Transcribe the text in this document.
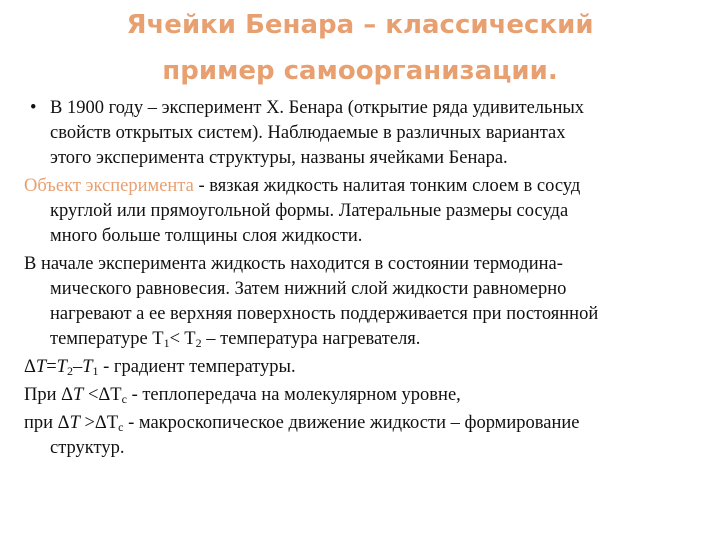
Ячейки Бенара – классический
пример самоорганизации.
• В 1900 году – эксперимент Х. Бенара (открытие ряда удивительных
свойств открытых систем). Наблюдаемые в различных вариантах
этого эксперимента структуры, названы ячейками Бенара.
Объект эксперимента - вязкая жидкость налитая тонким слоем в сосуд
круглой или прямоугольной формы. Латеральные размеры сосуда
много больше толщины слоя жидкости.
В начале эксперимента жидкость находится в состоянии термодина-
мического равновесия. Затем нижний слой жидкости равномерно
нагревают а ее верхняя поверхность поддерживается при постоянной
температуре $T_1< T_2$ – температура нагревателя.
$\Delta T=T_2-T_1$ - градиент температуры.
При $\Delta T <\Delta T_c$ - теплопередача на молекулярном уровне,
при $\Delta T >\Delta T_c$ - макроскопическое движение жидкости – формирование
структур.
